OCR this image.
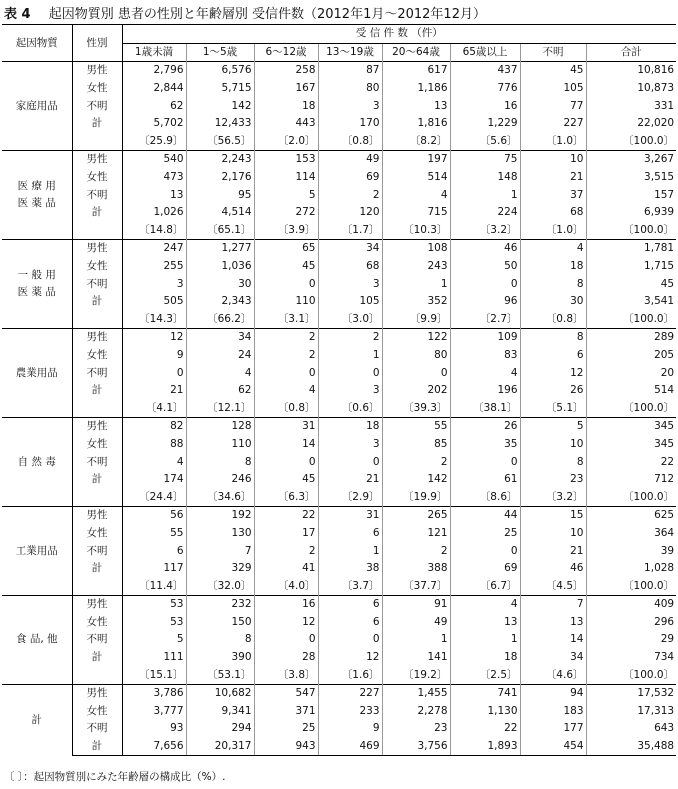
表 4 起因物質別 患者の性別と年齢層別 受信件数（2012年1月～2012年12月）
起因物質	性別	受 信 件 数 （件）							
		1歳未満	1～5歳	6～12歳	13～19歳	20～64歳	65歳以上	不明	合計

家庭用品	男性	2,796	6,576	258	87	617	437	45	10,816
	女性	2,844	5,715	167	80	1,186	776	105	10,873
	不明	62	142	18	3	13	16	77	331
	計	5,702	12,433	443	170	1,816	1,229	227	22,020
		〔25.9〕	〔56.5〕	〔2.0〕	〔0.8〕	〔8.2〕	〔5.6〕	〔1.0〕	〔100.0〕

医 療 用
医 薬 品	男性	540	2,243	153	49	197	75	10	3,267
	女性	473	2,176	114	69	514	148	21	3,515
	不明	13	95	5	2	4	1	37	157
	計	1,026	4,514	272	120	715	224	68	6,939
		〔14.8〕	〔65.1〕	〔3.9〕	〔1.7〕	〔10.3〕	〔3.2〕	〔1.0〕	〔100.0〕

一 般 用
医 薬 品	男性	247	1,277	65	34	108	46	4	1,781
	女性	255	1,036	45	68	243	50	18	1,715
	不明	3	30	0	3	1	0	8	45
	計	505	2,343	110	105	352	96	30	3,541
		〔14.3〕	〔66.2〕	〔3.1〕	〔3.0〕	〔9.9〕	〔2.7〕	〔0.8〕	〔100.0〕

農業用品	男性	12	34	2	2	122	109	8	289
	女性	9	24	2	1	80	83	6	205
	不明	0	4	0	0	0	4	12	20
	計	21	62	4	3	202	196	26	514
		〔4.1〕	〔12.1〕	〔0.8〕	〔0.6〕	〔39.3〕	〔38.1〕	〔5.1〕	〔100.0〕

自 然 毒	男性	82	128	31	18	55	26	5	345
	女性	88	110	14	3	85	35	10	345
	不明	4	8	0	0	2	0	8	22
	計	174	246	45	21	142	61	23	712
		〔24.4〕	〔34.6〕	〔6.3〕	〔2.9〕	〔19.9〕	〔8.6〕	〔3.2〕	〔100.0〕

工業用品	男性	56	192	22	31	265	44	15	625
	女性	55	130	17	6	121	25	10	364
	不明	6	7	2	1	2	0	21	39
	計	117	329	41	38	388	69	46	1,028
		〔11.4〕	〔32.0〕	〔4.0〕	〔3.7〕	〔37.7〕	〔6.7〕	〔4.5〕	〔100.0〕

食 品, 他	男性	53	232	16	6	91	4	7	409
	女性	53	150	12	6	49	13	13	296
	不明	5	8	0	0	1	1	14	29
	計	111	390	28	12	141	18	34	734
		〔15.1〕	〔53.1〕	〔3.8〕	〔1.6〕	〔19.2〕	〔2.5〕	〔4.6〕	〔100.0〕

計	男性	3,786	10,682	547	227	1,455	741	94	17,532
	女性	3,777	9,341	371	233	2,278	1,130	183	17,313
	不明	93	294	25	9	23	22	177	643
	計	7,656	20,317	943	469	3,756	1,893	454	35,488
〔 〕：起因物質別にみた年齢層の構成比（%）.
